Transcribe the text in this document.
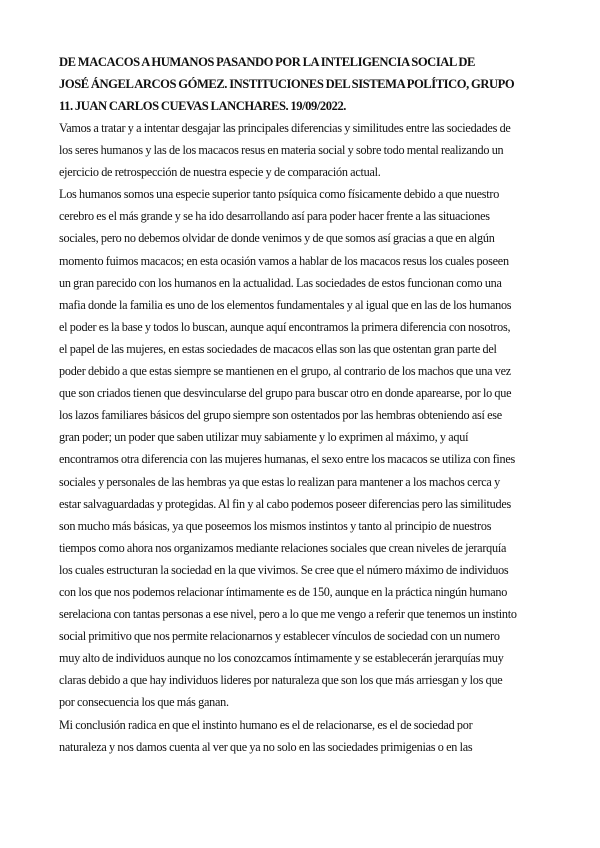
DE MACACOS A HUMANOS PASANDO POR LA INTELIGENCIA SOCIAL DE
JOSÉ ÁNGEL ARCOS GÓMEZ. INSTITUCIONES DEL SISTEMA POLÍTICO, GRUPO
11. JUAN CARLOS CUEVAS LANCHARES. 19/09/2022.

Vamos a tratar y a intentar desgajar las principales diferencias y similitudes entre las sociedades de
los seres humanos y las de los macacos resus en materia social y sobre todo mental realizando un
ejercicio de retrospección de nuestra especie y de comparación actual.

Los humanos somos una especie superior tanto psíquica como físicamente debido a que nuestro
cerebro es el más grande y se ha ido desarrollando así para poder hacer frente a las situaciones
sociales, pero no debemos olvidar de donde venimos y de que somos así gracias a que en algún
momento fuimos macacos; en esta ocasión vamos a hablar de los macacos resus los cuales poseen
un gran parecido con los humanos en la actualidad. Las sociedades de estos funcionan como una
mafia donde la familia es uno de los elementos fundamentales y al igual que en las de los humanos
el poder es la base y todos lo buscan, aunque aquí encontramos la primera diferencia con nosotros,
el papel de las mujeres, en estas sociedades de macacos ellas son las que ostentan gran parte del
poder debido a que estas siempre se mantienen en el grupo, al contrario de los machos que una vez
que son criados tienen que desvincularse del grupo para buscar otro en donde aparearse, por lo que
los lazos familiares básicos del grupo siempre son ostentados por las hembras obteniendo así ese
gran poder; un poder que saben utilizar muy sabiamente y lo exprimen al máximo, y aquí
encontramos otra diferencia con las mujeres humanas, el sexo entre los macacos se utiliza con fines
sociales y personales de las hembras ya que estas lo realizan para mantener a los machos cerca y
estar salvaguardadas y protegidas. Al fin y al cabo podemos poseer diferencias pero las similitudes
son mucho más básicas, ya que poseemos los mismos instintos y tanto al principio de nuestros
tiempos como ahora nos organizamos mediante relaciones sociales que crean niveles de jerarquía
los cuales estructuran la sociedad en la que vivimos. Se cree que el número máximo de individuos
con los que nos podemos relacionar íntimamente es de 150, aunque en la práctica ningún humano
serelaciona con tantas personas a ese nivel, pero a lo que me vengo a referir que tenemos un instinto
social primitivo que nos permite relacionarnos y establecer vínculos de sociedad con un numero
muy alto de individuos aunque no los conozcamos íntimamente y se establecerán jerarquías muy
claras debido a que hay individuos lideres por naturaleza que son los que más arriesgan y los que
por consecuencia los que más ganan.

Mi conclusión radica en que el instinto humano es el de relacionarse, es el de sociedad por
naturaleza y nos damos cuenta al ver que ya no solo en las sociedades primigenias o en las
